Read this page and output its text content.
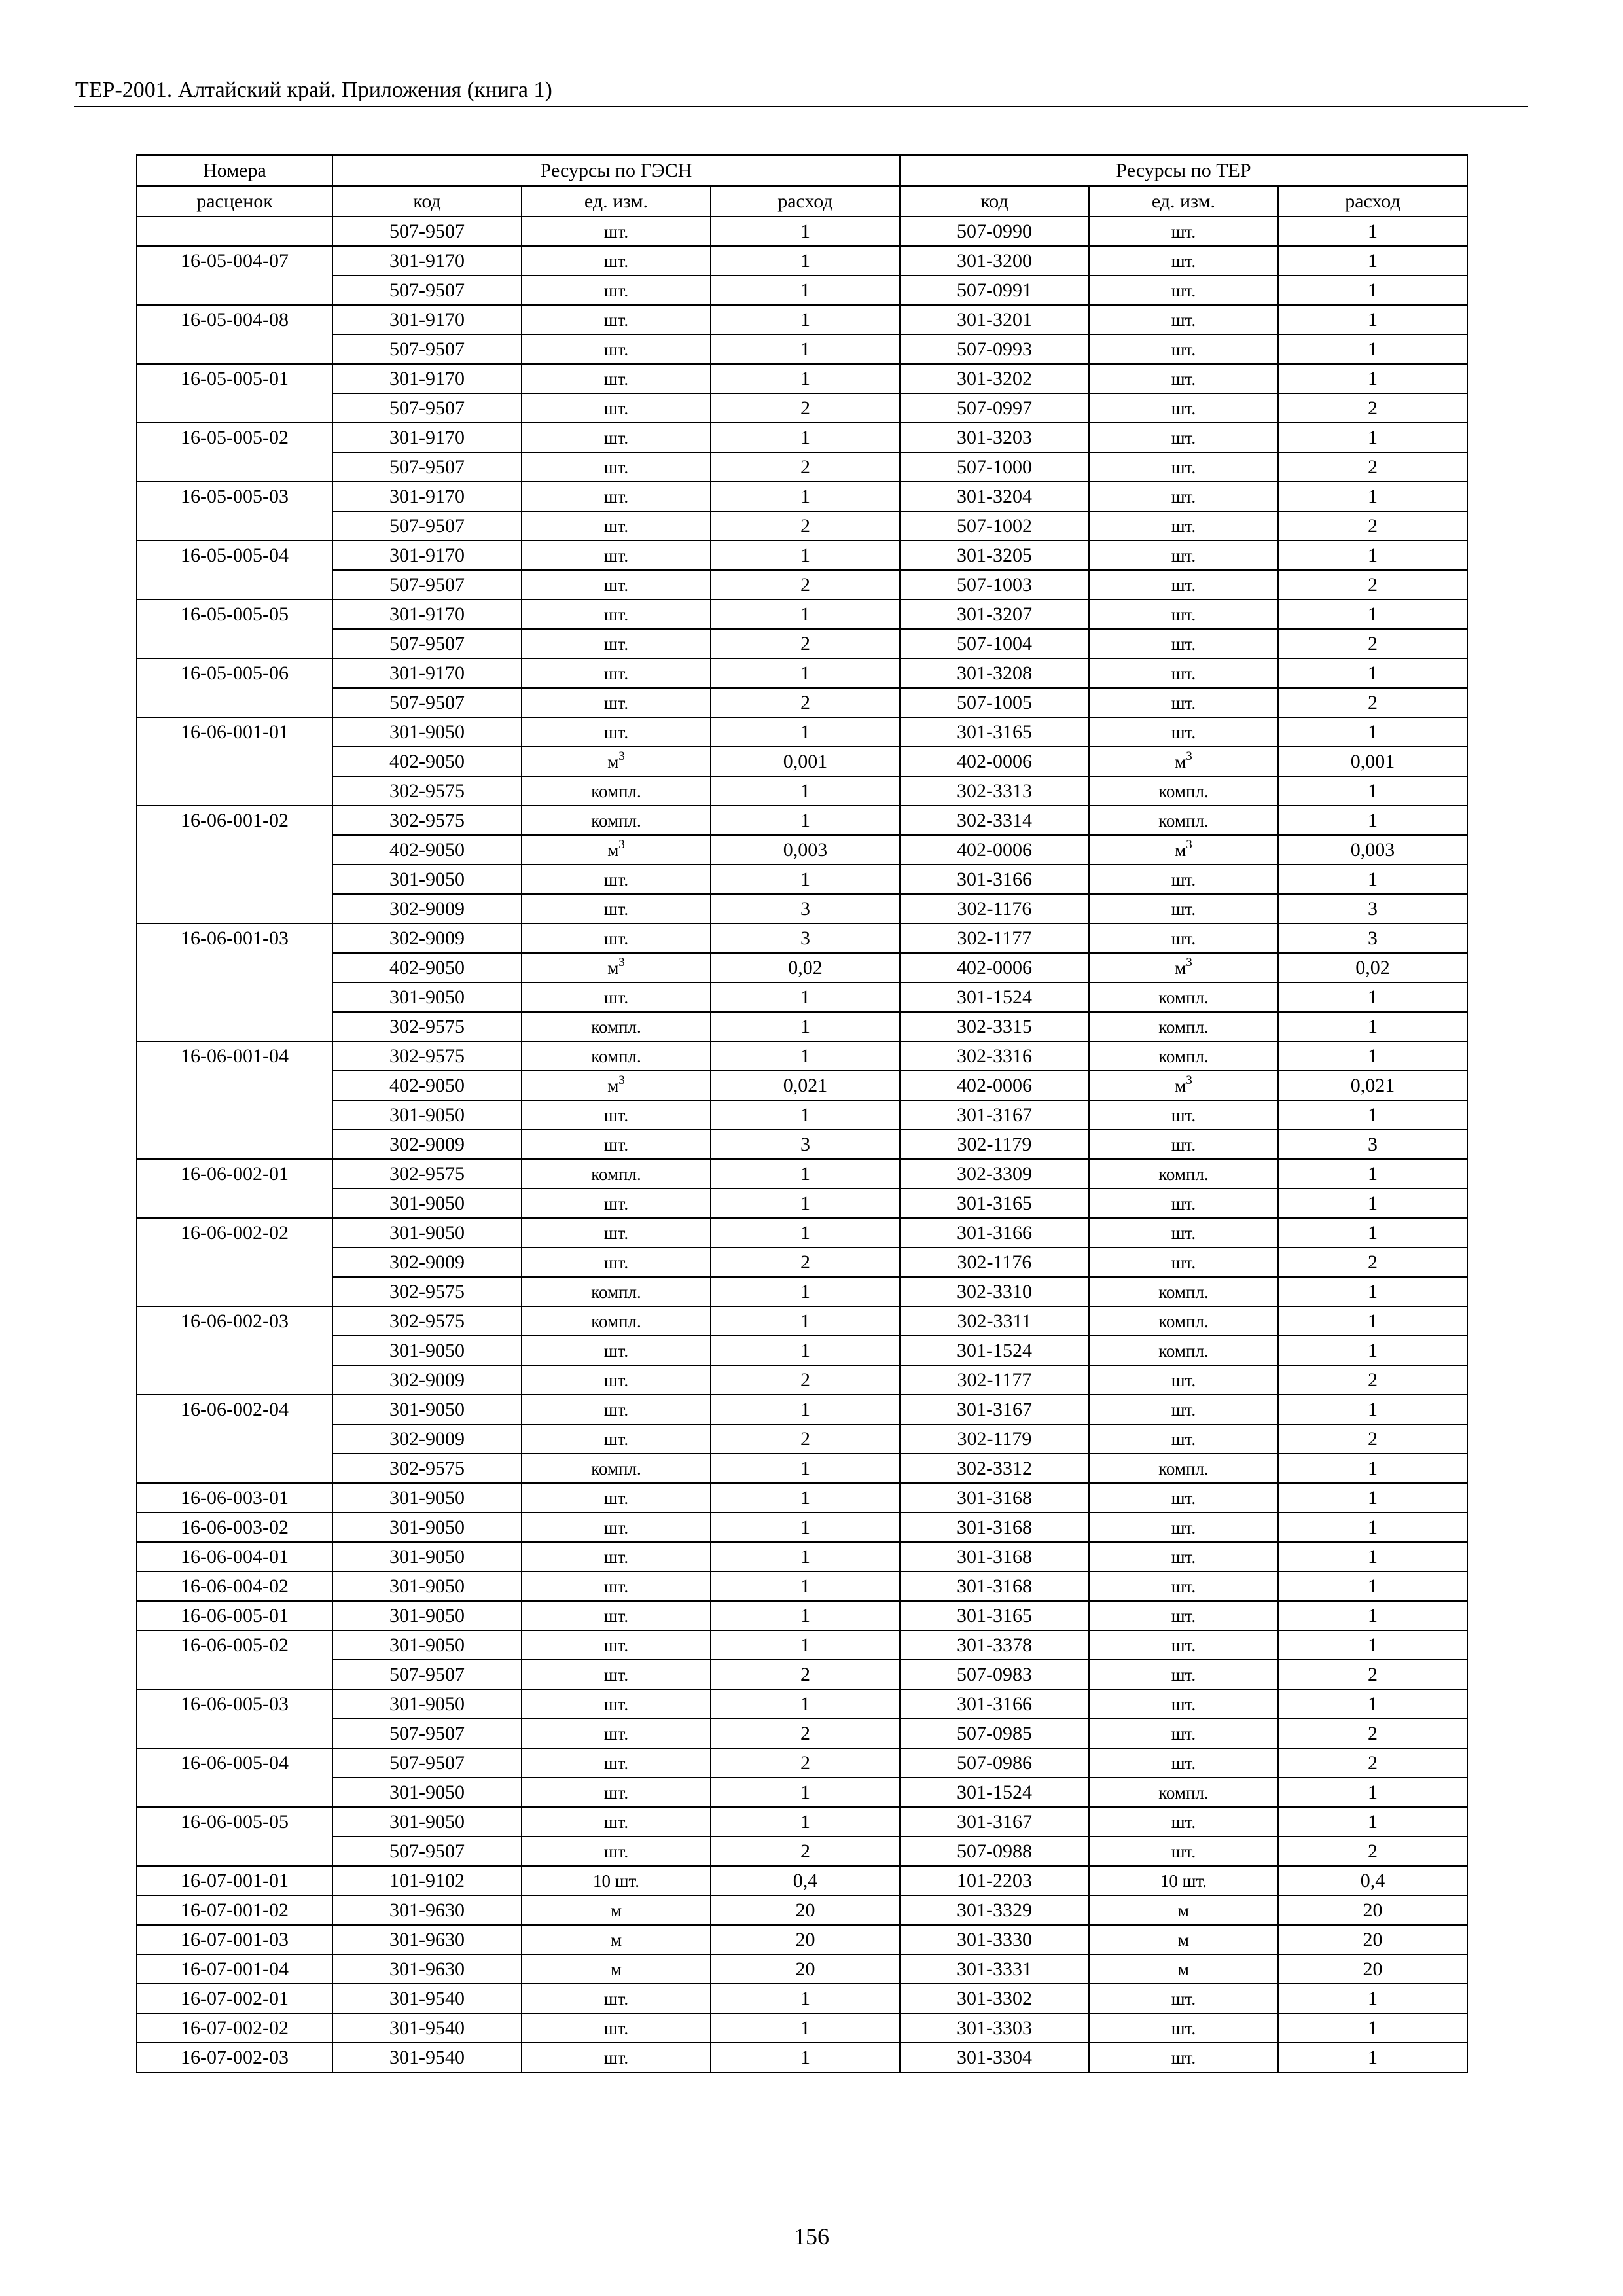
ТЕР-2001. Алтайский край. Приложения (книга 1)
Номера	Ресурсы по ГЭСН			Ресурсы по ТЕР		
расценок	код	ед. изм.	расход	код	ед. изм.	расход
	507-9507	шт.	1	507-0990	шт.	1
16-05-004-07	301-9170	шт.	1	301-3200	шт.	1
	507-9507	шт.	1	507-0991	шт.	1
16-05-004-08	301-9170	шт.	1	301-3201	шт.	1
	507-9507	шт.	1	507-0993	шт.	1
16-05-005-01	301-9170	шт.	1	301-3202	шт.	1
	507-9507	шт.	2	507-0997	шт.	2
16-05-005-02	301-9170	шт.	1	301-3203	шт.	1
	507-9507	шт.	2	507-1000	шт.	2
16-05-005-03	301-9170	шт.	1	301-3204	шт.	1
	507-9507	шт.	2	507-1002	шт.	2
16-05-005-04	301-9170	шт.	1	301-3205	шт.	1
	507-9507	шт.	2	507-1003	шт.	2
16-05-005-05	301-9170	шт.	1	301-3207	шт.	1
	507-9507	шт.	2	507-1004	шт.	2
16-05-005-06	301-9170	шт.	1	301-3208	шт.	1
	507-9507	шт.	2	507-1005	шт.	2
16-06-001-01	301-9050	шт.	1	301-3165	шт.	1
	402-9050	$м^3$	0,001	402-0006	$м^3$	0,001
	302-9575	компл.	1	302-3313	компл.	1
16-06-001-02	302-9575	компл.	1	302-3314	компл.	1
	402-9050	$м^3$	0,003	402-0006	$м^3$	0,003
	301-9050	шт.	1	301-3166	шт.	1
	302-9009	шт.	3	302-1176	шт.	3
16-06-001-03	302-9009	шт.	3	302-1177	шт.	3
	402-9050	$м^3$	0,02	402-0006	$м^3$	0,02
	301-9050	шт.	1	301-1524	компл.	1
	302-9575	компл.	1	302-3315	компл.	1
16-06-001-04	302-9575	компл.	1	302-3316	компл.	1
	402-9050	$м^3$	0,021	402-0006	$м^3$	0,021
	301-9050	шт.	1	301-3167	шт.	1
	302-9009	шт.	3	302-1179	шт.	3
16-06-002-01	302-9575	компл.	1	302-3309	компл.	1
	301-9050	шт.	1	301-3165	шт.	1
16-06-002-02	301-9050	шт.	1	301-3166	шт.	1
	302-9009	шт.	2	302-1176	шт.	2
	302-9575	компл.	1	302-3310	компл.	1
16-06-002-03	302-9575	компл.	1	302-3311	компл.	1
	301-9050	шт.	1	301-1524	компл.	1
	302-9009	шт.	2	302-1177	шт.	2
16-06-002-04	301-9050	шт.	1	301-3167	шт.	1
	302-9009	шт.	2	302-1179	шт.	2
	302-9575	компл.	1	302-3312	компл.	1
16-06-003-01	301-9050	шт.	1	301-3168	шт.	1
16-06-003-02	301-9050	шт.	1	301-3168	шт.	1
16-06-004-01	301-9050	шт.	1	301-3168	шт.	1
16-06-004-02	301-9050	шт.	1	301-3168	шт.	1
16-06-005-01	301-9050	шт.	1	301-3165	шт.	1
16-06-005-02	301-9050	шт.	1	301-3378	шт.	1
	507-9507	шт.	2	507-0983	шт.	2
16-06-005-03	301-9050	шт.	1	301-3166	шт.	1
	507-9507	шт.	2	507-0985	шт.	2
16-06-005-04	507-9507	шт.	2	507-0986	шт.	2
	301-9050	шт.	1	301-1524	компл.	1
16-06-005-05	301-9050	шт.	1	301-3167	шт.	1
	507-9507	шт.	2	507-0988	шт.	2
16-07-001-01	101-9102	10 шт.	0,4	101-2203	10 шт.	0,4
16-07-001-02	301-9630	м	20	301-3329	м	20
16-07-001-03	301-9630	м	20	301-3330	м	20
16-07-001-04	301-9630	м	20	301-3331	м	20
16-07-002-01	301-9540	шт.	1	301-3302	шт.	1
16-07-002-02	301-9540	шт.	1	301-3303	шт.	1
16-07-002-03	301-9540	шт.	1	301-3304	шт.	1
156
